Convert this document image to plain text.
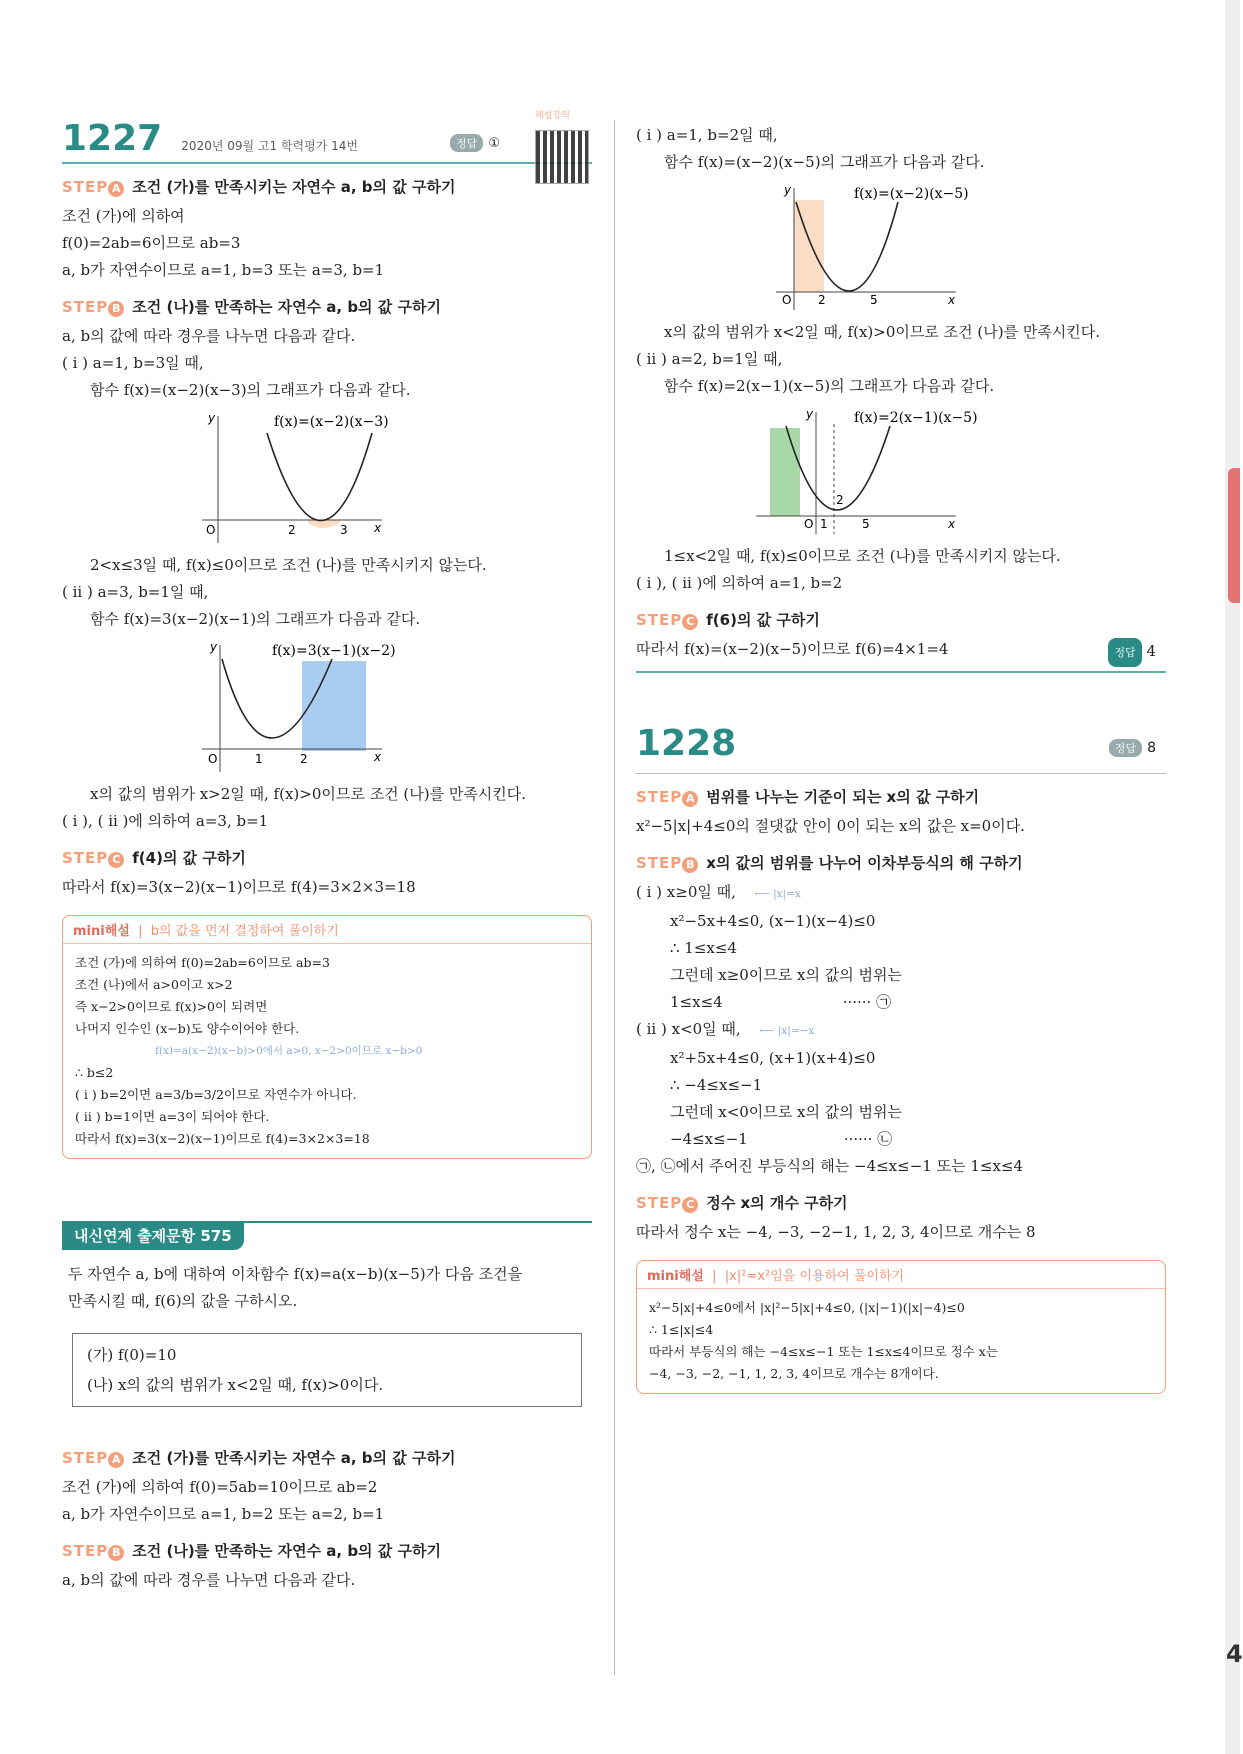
4
1227 2020년 09월 고1 학력평가 14번	정답 ①
해설강의
STEP A 조건 (가)를 만족시키는 자연수 a, b의 값 구하기
조건 (가)에 의하여
f(0)=2ab=6이므로 ab=3
a, b가 자연수이므로 a=1, b=3 또는 a=3, b=1
STEP B 조건 (나)를 만족하는 자연수 a, b의 값 구하기
a, b의 값에 따라 경우를 나누면 다음과 같다.
( i ) a=1, b=3일 때,
함수 f(x)=(x−2)(x−3)의 그래프가 다음과 같다.
y
x
O	2	3
f(x)=(x−2)(x−3)
2<x≤3일 때, f(x)≤0이므로 조건 (나)를 만족시키지 않는다.
( ii ) a=3, b=1일 때,
함수 f(x)=3(x−2)(x−1)의 그래프가 다음과 같다.
y
x
O	1	2
f(x)=3(x−1)(x−2)
x의 값의 범위가 x>2일 때, f(x)>0이므로 조건 (나)를 만족시킨다.
( i ), ( ii )에 의하여 a=3, b=1
STEP C f(4)의 값 구하기
따라서 f(x)=3(x−2)(x−1)이므로 f(4)=3×2×3=18
mini해설  |  b의 값을 먼저 결정하여 풀이하기
조건 (가)에 의하여 f(0)=2ab=6이므로 ab=3
조건 (나)에서 a>0이고 x>2
즉 x−2>0이므로 f(x)>0이 되려면
나머지 인수인 (x−b)도 양수이어야 한다.
f(x)=a(x−2)(x−b)>0에서 a>0, x−2>0이므로 x−b>0
∴ b≤2
( i ) b=2이면 a=3/b=3/2이므로 자연수가 아니다.
( ii ) b=1이면 a=3이 되어야 한다.
따라서 f(x)=3(x−2)(x−1)이므로 f(4)=3×2×3=18
내신연계 출제문항 575
두 자연수 a, b에 대하여 이차함수 f(x)=a(x−b)(x−5)가 다음 조건을
만족시킬 때, f(6)의 값을 구하시오.
(가) f(0)=10
(나) x의 값의 범위가 x<2일 때, f(x)>0이다.
STEP A 조건 (가)를 만족시키는 자연수 a, b의 값 구하기
조건 (가)에 의하여 f(0)=5ab=10이므로 ab=2
a, b가 자연수이므로 a=1, b=2 또는 a=2, b=1
STEP B 조건 (나)를 만족하는 자연수 a, b의 값 구하기
a, b의 값에 따라 경우를 나누면 다음과 같다.
( i ) a=1, b=2일 때,
함수 f(x)=(x−2)(x−5)의 그래프가 다음과 같다.
y
x
O 2	5
f(x)=(x−2)(x−5)
x의 값의 범위가 x<2일 때, f(x)>0이므로 조건 (나)를 만족시킨다.
( ii ) a=2, b=1일 때,
함수 f(x)=2(x−1)(x−5)의 그래프가 다음과 같다.
y
x
O 1
2
5
f(x)=2(x−1)(x−5)
1≤x<2일 때, f(x)≤0이므로 조건 (나)를 만족시키지 않는다.
( i ), ( ii )에 의하여 a=1, b=2
STEP C f(6)의 값 구하기
따라서 f(x)=(x−2)(x−5)이므로 f(6)=4×1=4	정답 4
1228	정답 8
STEP A 범위를 나누는 기준이 되는 x의 값 구하기
x²−5|x|+4≤0의 절댓값 안이 0이 되는 x의 값은 x=0이다.
STEP B x의 값의 범위를 나누어 이차부등식의 해 구하기
( i ) x≥0일 때, ⟵ |x|=x
x²−5x+4≤0, (x−1)(x−4)≤0
∴ 1≤x≤4
그런데 x≥0이므로 x의 값의 범위는
1≤x≤4	······ ㉠
( ii ) x<0일 때, ⟵ |x|=−x
x²+5x+4≤0, (x+1)(x+4)≤0
∴ −4≤x≤−1
그런데 x<0이므로 x의 값의 범위는
−4≤x≤−1	······ ㉡
㉠, ㉡에서 주어진 부등식의 해는 −4≤x≤−1 또는 1≤x≤4
STEP C 정수 x의 개수 구하기
따라서 정수 x는 −4, −3, −2−1, 1, 2, 3, 4이므로 개수는 8
mini해설  |  |x|²=x²임을 이용하여 풀이하기
x²−5|x|+4≤0에서 |x|²−5|x|+4≤0, (|x|−1)(|x|−4)≤0
∴ 1≤|x|≤4
따라서 부등식의 해는 −4≤x≤−1 또는 1≤x≤4이므로 정수 x는
−4, −3, −2, −1, 1, 2, 3, 4이므로 개수는 8개이다.
